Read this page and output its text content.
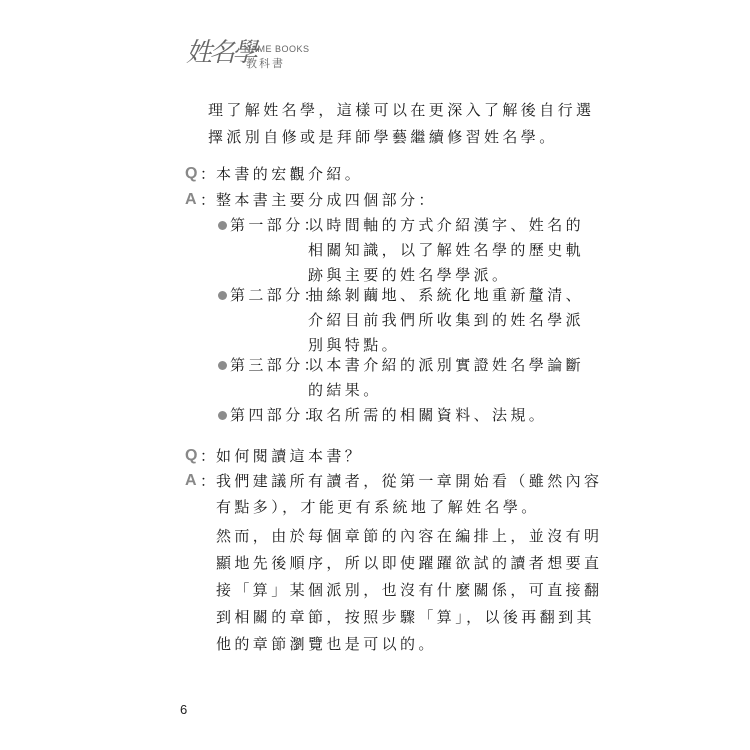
姓名學
NAME BOOKS
教科書
理了解姓名學，這樣可以在更深入了解後自行選
擇派別自修或是拜師學藝繼續修習姓名學。
Q ： 本書的宏觀介紹。
A ： 整本書主要分成四個部分：
第一部分：
以時間軸的方式介紹漢字、姓名的
相關知識，以了解姓名學的歷史軌
跡與主要的姓名學學派。
第二部分：
抽絲剝繭地、系統化地重新釐清、
介紹目前我們所收集到的姓名學派
別與特點。
第三部分：
以本書介紹的派別實證姓名學論斷
的結果。
第四部分：
取名所需的相關資料、法規。
Q ： 如何閱讀這本書？
A ： 我們建議所有讀者，從第一章開始看（雖然內容
有點多），才能更有系統地了解姓名學。
然而，由於每個章節的內容在編排上，並沒有明
顯地先後順序，所以即使躍躍欲試的讀者想要直
接「算」某個派別，也沒有什麼關係，可直接翻
到相關的章節，按照步驟「算」，以後再翻到其
他的章節瀏覽也是可以的。
6
